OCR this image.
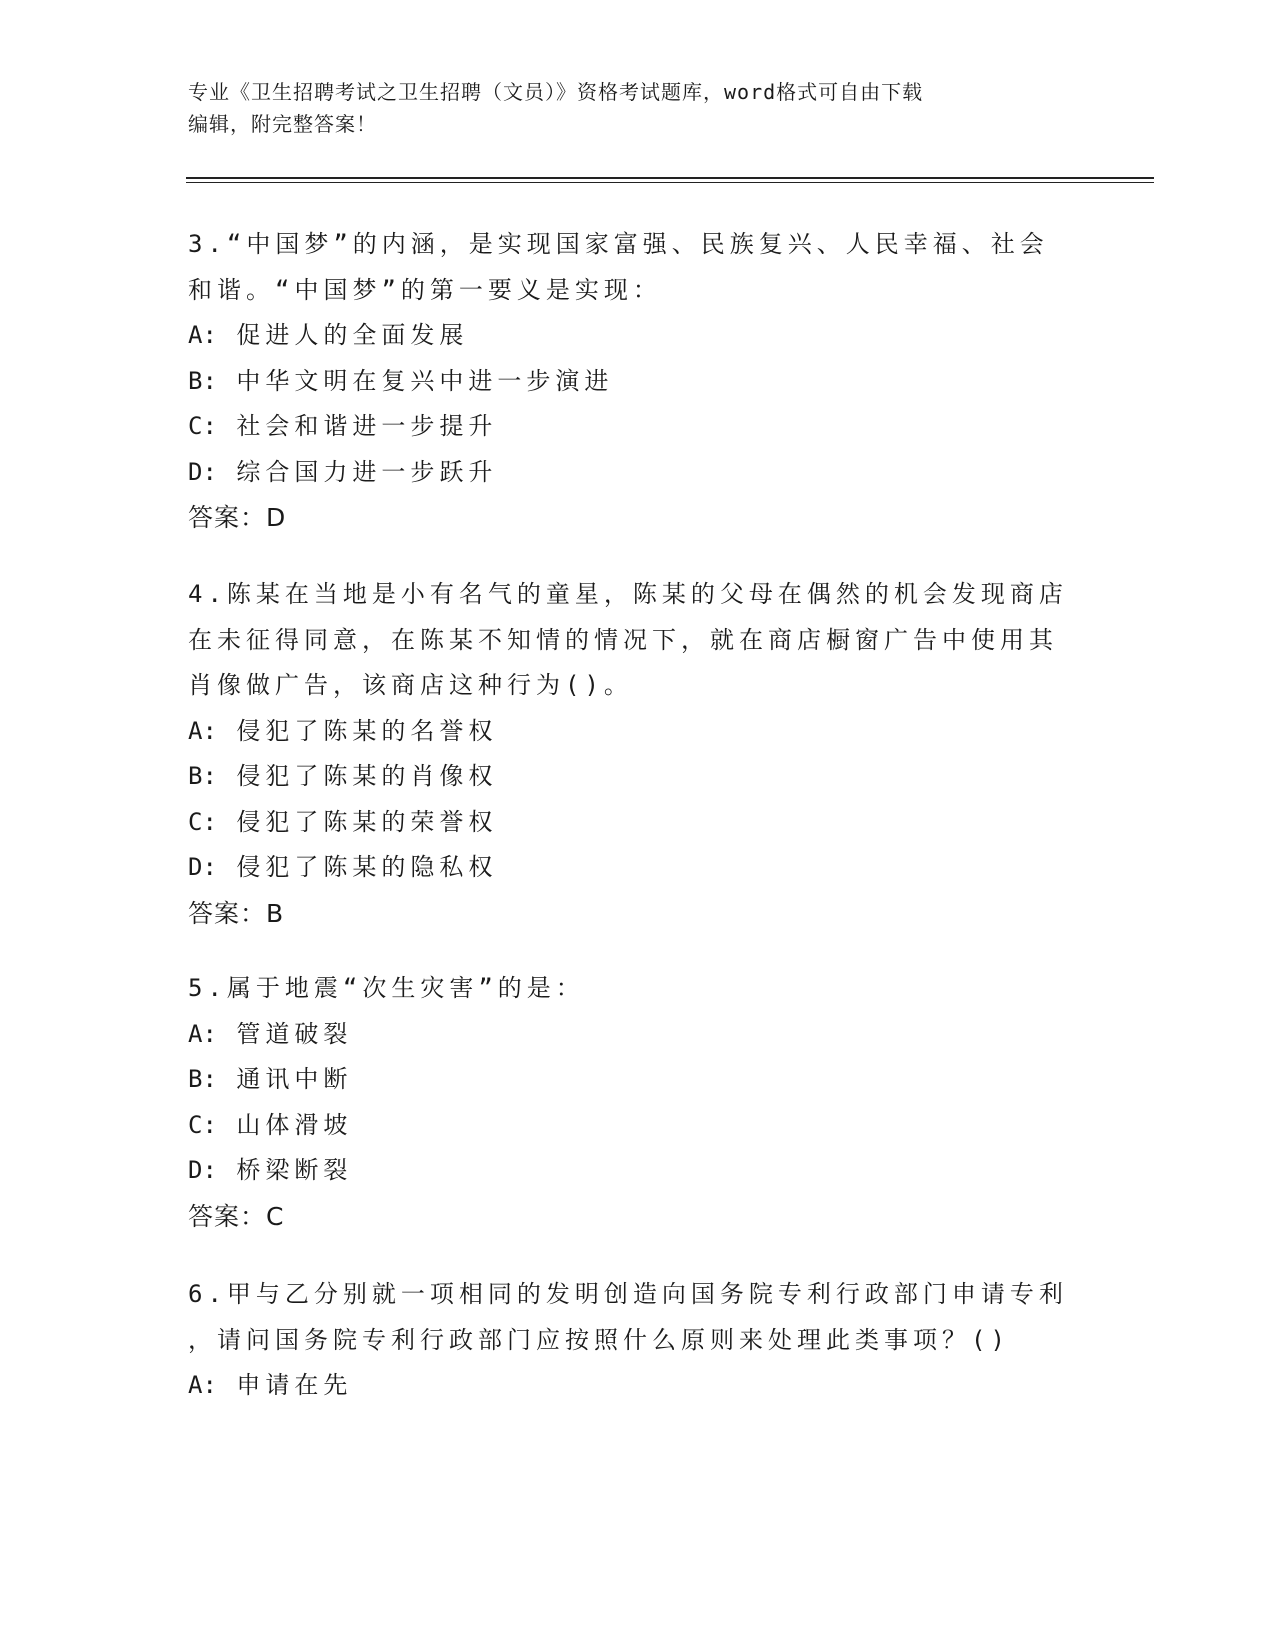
专业《卫生招聘考试之卫生招聘（文员）》资格考试题库，word格式可自由下载
编辑，附完整答案！

3.“中国梦”的内涵，是实现国家富强、民族复兴、人民幸福、社会

和谐。“中国梦”的第一要义是实现：

A: 促进人的全面发展

B: 中华文明在复兴中进一步演进

C: 社会和谐进一步提升

D: 综合国力进一步跃升

答案：D

4.陈某在当地是小有名气的童星，陈某的父母在偶然的机会发现商店

在未征得同意，在陈某不知情的情况下，就在商店橱窗广告中使用其

肖像做广告，该商店这种行为()。

A: 侵犯了陈某的名誉权

B: 侵犯了陈某的肖像权

C: 侵犯了陈某的荣誉权

D: 侵犯了陈某的隐私权

答案：B

5.属于地震“次生灾害”的是：

A: 管道破裂

B: 通讯中断

C: 山体滑坡

D: 桥梁断裂

答案：C

6.甲与乙分别就一项相同的发明创造向国务院专利行政部门申请专利

，请问国务院专利行政部门应按照什么原则来处理此类事项？()

A: 申请在先
